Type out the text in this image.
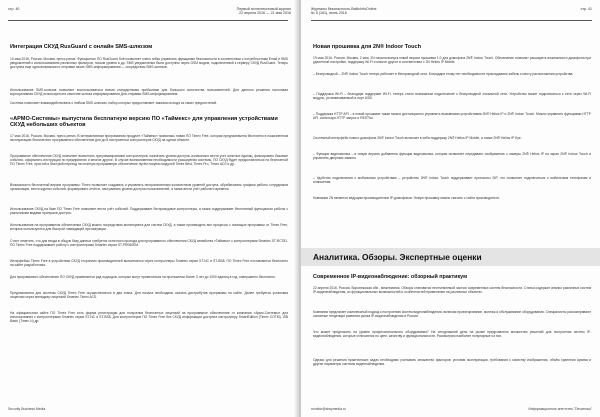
стр. 40	Первый полнотекстовый журнал
22 апреля 2016 — 21 мая 2016
Интеграция СКУД RusGuard с онлайн SMS-шлюзом
10 мая 2016, Россия, Москва, пресс-релиз. Функционал ПО RusGuard Soft позволяет очень гибко управлять функциями безопасности в соответствии с потребностями Email и SMS уведомлений с использованием различных фильтров, носков уровня и др. SMS уведомления были доступны через GSM модем, подключенный к серверу СКУД RusGuard. Теперь доступна еще одна возможность отправки своих SMS-информирования — посредством SMS-шлюзов.
Использование SMS-шлюзов позволяет воспользоваться всеми стандартными прибылями для большого количества пользователей. Для данного решения налоговая корпоративная СКУД используется в качестве шлюза информирования Для отправки SMS-информирования.
Система позволяет взаимодействовать с любым SMS шлюзом, набор которых предоставляет заказчик исходя из своих предпочтений.
«АРМО-Системы» выпустила бесплатную версию ПО «Таймекс» для управления устройствами СКУД небольших объектов
17 мая 2016, Россия, Москва, пресс-релиз. В интерактивном программном продукте «Таймекс» появилась новая ПО Timex Free, которая предназначена бесплатно в пожизненном эксплуатацию бесплатного программного обеспечения для до 8 настроенных контроллеров СКУД на одном объекте.
Программное обеспечение СКУД позволяет выполнять программирование контроллеров, назначать уровни доступа, изначально вести учет штатных единиц, фиксировать базовые события, оформлять инструкции по предприятию и многое другое. В случае возникновения необходимости расширения системы, ПО СКУД будет предоставляться на бесплатной ПО Timex Free, простой и быстрый переход на платную программную обеспечение путём покупки модулей Timex Best, Timex Pro, Timex ACS и др.
Возможности бесплатной версии программы: Timex позволяет создавать и управлять неограниченным количеством уровней доступа, обрабатывать графики работы сотрудников организации, вести журнал событий, формировать отчёты, настраивать уровни доступа пользователей, а также вести учёт рабочего времени.
Использование СКУД на базе ПО Timex Free позволяет вести учёт событий. Поддерживает беспроводные контроллеры, а также поддерживает бесплатный функционал работы с различными видами пропусков доступа.
Использование на программном обеспечении СКУД можно посредством мониторинга для систем СКУД, а также производить все процессы с помощью программы от Timex Free, которые используются для быстрой ликвидаций при миграции.
Стоит отметить, что для входа в общую базу данных требуется отличного прохода для программного обеспечения СКУД семейства «Таймекс» с контроллерами Smartec ST-RC781. ПО Timex Free поддерживает работу с контроллерами Smartec серии ST-PR060EM.
Интерфейсы Timex Free в устройствах СКУД сторонних производителей выполняется через контроллеры Smartec серии ST-NC и ST-BS8. ПО Timex Free поставляется бесплатно на сайте разработчика.
Для программного обеспечения ПО СКУД применяется ряд подходов, которые могут применяться на протяжении более 3 лет до 1000 единиц в год, совершенно бесплатно.
Предназначена для системы СКУД Timex Free осуществляется в два этапа. Для начала необходимо скачать дистрибутив программы на сайте. Далее требуется установка лицензии через менеджер лицензий Smartec Timex ACS.
На официальном сайте ПО Timex Free есть форма регистрации для получения бесплатных лицензий на программное обеспечение от компании «Армо-Системы» для использования с контроллерами Smartec серии ST-NC и ST-BS8. Для контроллеров ПО Timex Free без СКУД информации доступна контроллеру SmartEdition (Timex COTM), ISB Basic (Timex Lt) др.
Security Business Media
Журналы безопасность BalticInfoOnline
№ 5 (161), июнь 2016
стр. 41
Новая прошивка для 2N® Indoor Touch
19 мая 2016, Россия, Москва, 2 мая. 2N начала выпуск новой версии прошивки 1.0 для домофона 2N® Indoor Touch. Обновление позволит расширить возможности домофона при удаленной настройке, поддержку Wi-Fi и многое другое в соответствии с 2N Helios IP Mobile.
– Беспроводной – 2N® Indoor Touch теперь работает в беспроводной сети. Благодаря этому нет необходимости прокладывать кабель к месту расположения устройства.
– Поддержка Wi-Fi – благодаря поддержке Wi-Fi, теперь стало возможным подключение к беспроводной локальной сети. Устройство может подключаться к сети через Wi-Fi модуль, устанавливаемый в порт USB.
– Поддержка HTTP API – в новой прошивке также можно дистанционно управлять вызывными устройствами 2N® Helios IP и 2N® Indoor Touch. Можно управлять функциями HTTP API, используя HTTP запрос и RESTful.
Системный интерфейс нового домофона 2N® Indoor Touch включает в себя поддержку 2N® Helios IP Mobile, а также 2N® Helios IP Eye.
– Функции видеозвонка – в новую версию добавлена функция видеозвонка, которая позволяет передавать изображение с камеры 2N® Helios IP на экран 2N® Indoor Touch и управлять дверным замком.
– Удобство подключения к мобильным устройствам – устройство 2N® Indoor Touch поддерживает протоколы SIP, что позволяет подключаться к мобильным телефонам и планшетам.
Компания 2N является ведущим производителем IP-домофонов. Новую прошивку можно скачать с сайта производителя.
Аналитика. Обзоры. Экспертные оценки
Современное IP-видеонаблюдение: обзорный практикум
22 апреля 2016, Россия, Воронежская обл., межтематик. Обзоры становятся неотъемлемой частью современных систем безопасности. Статья содержит анализ различных систем IP-видеонаблюдения, их функциональных возможностей и особенностей применения на различных объектах.
Компания предлагает комплексный подход к построению систем видеонаблюдения, включая проектирование, монтаж и обслуживание оборудования. Специалисты рассматривают основные тенденции развития рынка IP-видеонаблюдения в России.
Что может предложить на уровне профессионального оборудования? На сегодняшний день на рынке представлено множество решений для построения систем IP-видеонаблюдения, которые отличаются по цене, качеству и функциональности. Рассмотрим наиболее популярные из них.
Однако для решения практических задач необходимо учитывать множество факторов: условия эксплуатации, требования к качеству изображения, объём хранения архива и другие параметры системы видеонаблюдения.
monitor@sbsymedia.ru	Информационное агентство "Печатнаш"
